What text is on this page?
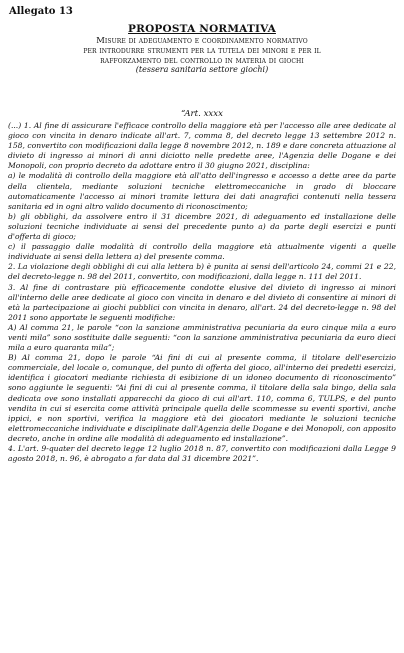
Allegato 13
PROPOSTA NORMATIVA
Misure di adeguamento e coordinamento normativo
per introdurre strumenti per la tutela dei minori e per il
rafforzamento del controllo in materia di giochi
(tessera sanitaria settore giochi)
“Art. xxxx

(...) 1. Al fine di assicurare l'efficace controllo della maggiore età per l'accesso alle aree dedicate al gioco con vincita in denaro indicate all'art. 7, comma 8, del decreto legge 13 settembre 2012 n. 158, convertito con modificazioni dalla legge 8 novembre 2012, n. 189 e dare concreta attuazione al divieto di ingresso ai minori di anni diciotto nelle predette aree, l'Agenzia delle Dogane e dei Monopoli, con proprio decreto da adottare entro il 30 giugno 2021, disciplina:

a) le modalità di controllo della maggiore età all'atto dell'ingresso e accesso a dette aree da parte della clientela, mediante soluzioni tecniche elettromeccaniche in grado di bloccare automaticamente l'accesso ai minori tramite lettura dei dati anagrafici contenuti nella tessera sanitaria ed in ogni altro valido documento di riconoscimento;

b) gli obblighi, da assolvere entro il 31 dicembre 2021, di adeguamento ed installazione delle soluzioni tecniche individuate ai sensi del precedente punto a) da parte degli esercizi e punti d'offerta di gioco;

c) il passaggio dalle modalità di controllo della maggiore età attualmente vigenti a quelle individuate ai sensi della lettera a) del presente comma.

2. La violazione degli obblighi di cui alla lettera b) è punita ai sensi dell'articolo 24, commi 21 e 22, del decreto-legge n. 98 del 2011, convertito, con modificazioni, dalla legge n. 111 del 2011.

3. Al fine di contrastare più efficacemente condotte elusive del divieto di ingresso ai minori all'interno delle aree dedicate al gioco con vincita in denaro e del divieto di consentire ai minori di età la partecipazione ai giochi pubblici con vincita in denaro, all'art. 24 del decreto-legge n. 98 del 2011 sono apportate le seguenti modifiche:

A) Al comma 21, le parole “con la sanzione amministrativa pecuniaria da euro cinque mila a euro venti mila” sono sostituite dalle seguenti: “con la sanzione amministrativa pecuniaria da euro dieci mila a euro quaranta mila”;

B) Al comma 21, dopo le parole “Ai fini di cui al presente comma, il titolare dell'esercizio commerciale, del locale o, comunque, del punto di offerta del gioco, all'interno dei predetti esercizi, identifica i giocatori mediante richiesta di esibizione di un idoneo documento di riconoscimento” sono aggiunte le seguenti: “Ai fini di cui al presente comma, il titolare della sala bingo, della sala dedicata ove sono installati apparecchi da gioco di cui all'art. 110, comma 6, TULPS, e del punto vendita in cui si esercita come attività principale quella delle scommesse su eventi sportivi, anche ippici, e non sportivi, verifica la maggiore età dei giocatori mediante le soluzioni tecniche elettromeccaniche individuate e disciplinate dall'Agenzia delle Dogane e dei Monopoli, con apposito decreto, anche in ordine alle modalità di adeguamento ed installazione”.

4. L'art. 9-quater del decreto legge 12 luglio 2018 n. 87, convertito con modificazioni dalla Legge 9 agosto 2018, n. 96, è abrogato a far data dal 31 dicembre 2021”.
